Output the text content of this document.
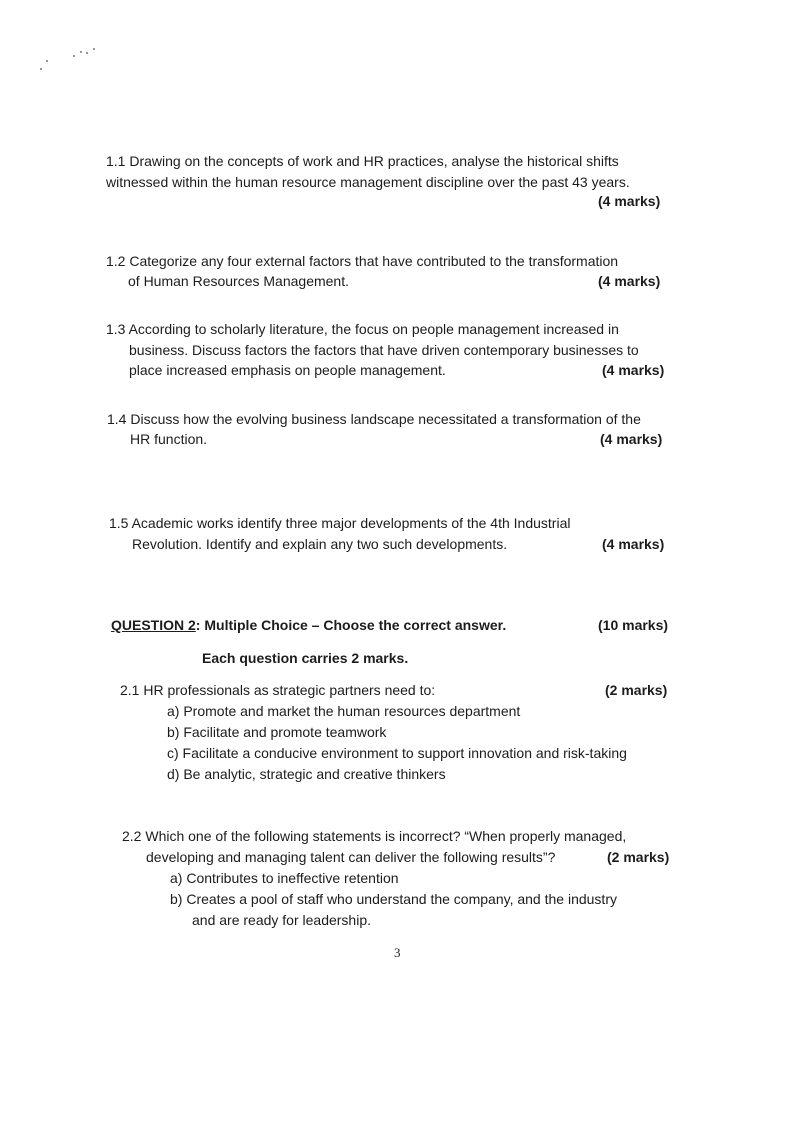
1.1 Drawing on the concepts of work and HR practices, analyse the historical shifts
witnessed within the human resource management discipline over the past 43 years.
(4 marks)
1.2 Categorize any four external factors that have contributed to the transformation
of Human Resources Management.	(4 marks)
1.3 According to scholarly literature, the focus on people management increased in
business. Discuss factors the factors that have driven contemporary businesses to
place increased emphasis on people management.	(4 marks)
1.4 Discuss how the evolving business landscape necessitated a transformation of the
HR function.	(4 marks)
1.5 Academic works identify three major developments of the 4th Industrial
Revolution. Identify and explain any two such developments.	(4 marks)
QUESTION 2: Multiple Choice – Choose the correct answer.	(10 marks)
Each question carries 2 marks.
2.1 HR professionals as strategic partners need to:	(2 marks)
a) Promote and market the human resources department
b) Facilitate and promote teamwork
c) Facilitate a conducive environment to support innovation and risk-taking
d) Be analytic, strategic and creative thinkers
2.2 Which one of the following statements is incorrect? “When properly managed,
developing and managing talent can deliver the following results”?	(2 marks)
a) Contributes to ineffective retention
b) Creates a pool of staff who understand the company, and the industry
and are ready for leadership.
3
